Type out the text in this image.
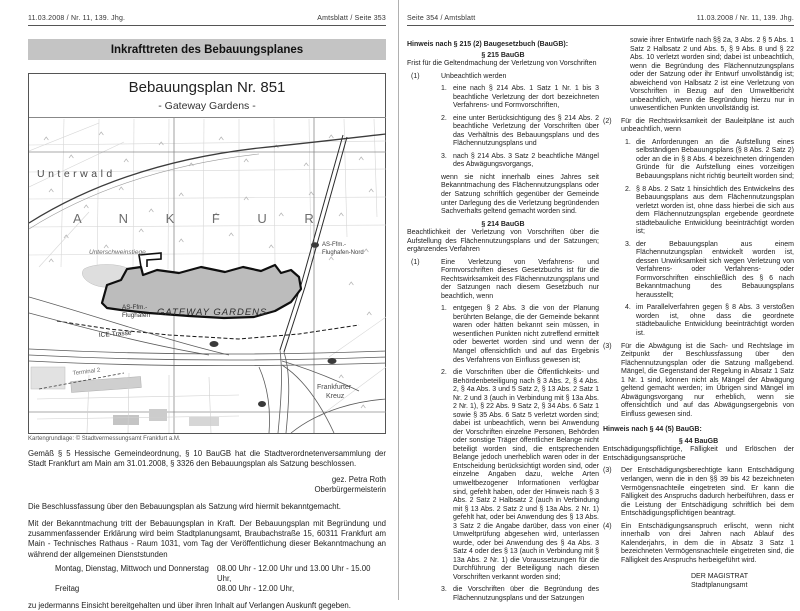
11.03.2008 / Nr. 11, 139. Jhg.	Amtsblatt / Seite 353
Inkrafttreten des Bebauungsplanes
Bebauungsplan Nr. 851
- Gateway Gardens -
Unterwald
A N K F U R
Unterschweinstiege
AS-Ffm.- Flughafen-Nord
AS-Ffm.- Flughafen GATEWAY GARDENS
ICE-Trasse
Terminal 2
Frankfurter Kreuz
Kartengrundlage: © Stadtvermessungsamt Frankfurt a.M.
Gemäß § 5 Hessische Gemeindeordnung, § 10 BauGB hat die Stadtverordnetenversammlung der Stadt Frankfurt am Main am 31.01.2008, § 3326 den Bebauungsplan als Satzung beschlossen.
gez. Petra Roth
Oberbürgermeisterin
Die Beschlussfassung über den Bebauungsplan als Satzung wird hiermit bekanntgemacht.
Mit der Bekanntmachung tritt der Bebauungsplan in Kraft. Der Bebauungsplan mit Begründung und zusammenfassender Erklärung wird beim Stadtplanungsamt, Braubachstraße 15, 60311 Frankfurt am Main - Technisches Rathaus - Raum 1031, vom Tag der Veröffentlichung dieser Bekanntmachung an während der allgemeinen Dienststunden
Montag, Dienstag, Mittwoch und Donnerstag	08.00 Uhr - 12.00 Uhr und 13.00 Uhr - 15.00 Uhr,
Freitag	08.00 Uhr - 12.00 Uhr,
zu jedermanns Einsicht bereitgehalten und über ihren Inhalt auf Verlangen Auskunft gegeben.
Seite 354 / Amtsblatt	11.03.2008 / Nr. 11, 139. Jhg.
Hinweis nach § 215 (2) Baugesetzbuch (BauGB):
§ 215 BauGB
Frist für die Geltendmachung der Verletzung von Vorschriften
(1)	Unbeachtlich werden
1. eine nach § 214 Abs. 1 Satz 1 Nr. 1 bis 3 beachtliche Verletzung der dort bezeichneten Verfahrens- und Formvorschriften,
2. eine unter Berücksichtigung des § 214 Abs. 2 beachtliche Verletzung der Vorschriften über das Verhältnis des Bebauungsplans und des Flächennutzungsplans und
3. nach § 214 Abs. 3 Satz 2 beachtliche Mängel des Abwägungsvorgangs,
wenn sie nicht innerhalb eines Jahres seit Bekanntmachung des Flächennutzungsplans oder der Satzung schriftlich gegenüber der Gemeinde unter Darlegung des die Verletzung begründenden Sachverhalts geltend gemacht worden sind.
§ 214 BauGB
Beachtlichkeit der Verletzung von Vorschriften über die Aufstellung des Flächennutzungsplans und der Satzungen; ergänzendes Verfahren
(1)	Eine Verletzung von Verfahrens- und Formvorschriften dieses Gesetzbuchs ist für die Rechtswirksamkeit des Flächennutzungsplans und der Satzungen nach diesem Gesetzbuch nur beachtlich, wenn
1. entgegen § 2 Abs. 3 die von der Planung berührten Belange, die der Gemeinde bekannt waren oder hätten bekannt sein müssen, in wesentlichen Punkten nicht zutreffend ermittelt oder bewertet worden sind und wenn der Mangel offensichtlich und auf das Ergebnis des Verfahrens von Einfluss gewesen ist;
2. die Vorschriften über die Öffentlichkeits- und Behördenbeteiligung nach § 3 Abs. 2, § 4 Abs. 2, § 4a Abs. 3 und 5 Satz 2, § 13 Abs. 2 Satz 1 Nr. 2 und 3 (auch in Verbindung mit § 13a Abs. 2 Nr. 1), § 22 Abs. 9 Satz 2, § 34 Abs. 6 Satz 1 sowie § 35 Abs. 6 Satz 5 verletzt worden sind; dabei ist unbeachtlich, wenn bei Anwendung der Vorschriften einzelne Personen, Behörden oder sonstige Träger öffentlicher Belange nicht beteiligt worden sind, die entsprechenden Belange jedoch unerheblich waren oder in der Entscheidung berücksichtigt worden sind, oder einzelne Angaben dazu, welche Arten umweltbezogener Informationen verfügbar sind, gefehlt haben, oder der Hinweis nach § 3 Abs. 2 Satz 2 Halbsatz 2 (auch in Verbindung mit § 13 Abs. 2 Satz 2 und § 13a Abs. 2 Nr. 1) gefehlt hat, oder bei Anwendung des § 13 Abs. 3 Satz 2 die Angabe darüber, dass von einer Umweltprüfung abgesehen wird, unterlassen wurde, oder bei Anwendung des § 4a Abs. 3 Satz 4 oder des § 13 (auch in Verbindung mit § 13a Abs. 2 Nr. 1) die Voraussetzungen für die Durchführung der Beteiligung nach diesen Vorschriften verkannt worden sind;
3. die Vorschriften über die Begründung des Flächennutzungsplans und der Satzungen
sowie ihrer Entwürfe nach §§ 2a, 3 Abs. 2 § 5 Abs. 1 Satz 2 Halbsatz 2 und Abs. 5, § 9 Abs. 8 und § 22 Abs. 10 verletzt worden sind; dabei ist unbeachtlich, wenn die Begründung des Flächennutzungsplans oder der Satzung oder ihr Entwurf unvollständig ist; abweichend von Halbsatz 2 ist eine Verletzung von Vorschriften in Bezug auf den Umweltbericht unbeachtlich, wenn die Begründung hierzu nur in unwesentlichen Punkten unvollständig ist.
(2) Für die Rechtswirksamkeit der Bauleitpläne ist auch unbeachtlich, wenn
1. die Anforderungen an die Aufstellung eines selbständigen Bebauungsplans (§ 8 Abs. 2 Satz 2) oder an die in § 8 Abs. 4 bezeichneten dringenden Gründe für die Aufstellung eines vorzeitigen Bebauungsplans nicht richtig beurteilt worden sind;
2. § 8 Abs. 2 Satz 1 hinsichtlich des Entwickelns des Bebauungsplans aus dem Flächennutzungsplan verletzt worden ist, ohne dass hierbei die sich aus dem Flächennutzungsplan ergebende geordnete städtebauliche Entwicklung beeinträchtigt worden ist;
3. der Bebauungsplan aus einem Flächennutzungsplan entwickelt worden ist, dessen Unwirksamkeit sich wegen Verletzung von Verfahrens- oder Verfahrens- oder Formvorschriften einschließlich des § 6 nach Bekanntmachung des Bebauungsplans herausstellt;
4. im Parallelverfahren gegen § 8 Abs. 3 verstoßen worden ist, ohne dass die geordnete städtebauliche Entwicklung beeinträchtigt worden ist.
(3) Für die Abwägung ist die Sach- und Rechtslage im Zeitpunkt der Beschlussfassung über den Flächennutzungsplan oder die Satzung maßgebend. Mängel, die Gegenstand der Regelung in Absatz 1 Satz 1 Nr. 1 sind, können nicht als Mängel der Abwägung geltend gemacht werden; im Übrigen sind Mängel im Abwägungsvorgang nur erheblich, wenn sie offensichtlich und auf das Abwägungsergebnis von Einfluss gewesen sind.
Hinweis nach § 44 (5) BauGB:
§ 44 BauGB
Entschädigungspflichtige, Fälligkeit und Erlöschen der Entschädigungsansprüche
(3) Der Entschädigungsberechtigte kann Entschädigung verlangen, wenn die in den §§ 39 bis 42 bezeichneten Vermögensnachteile eingetreten sind. Er kann die Fälligkeit des Anspruchs dadurch herbeiführen, dass er die Leistung der Entschädigung schriftlich bei dem Entschädigungspflichtigen beantragt.
(4) Ein Entschädigungsanspruch erlischt, wenn nicht innerhalb von drei Jahren nach Ablauf des Kalenderjahrs, in dem die in Absatz 3 Satz 1 bezeichneten Vermögensnachteile eingetreten sind, die Fälligkeit des Anspruchs herbeigeführt wird.
DER MAGISTRAT
Stadtplanungsamt
